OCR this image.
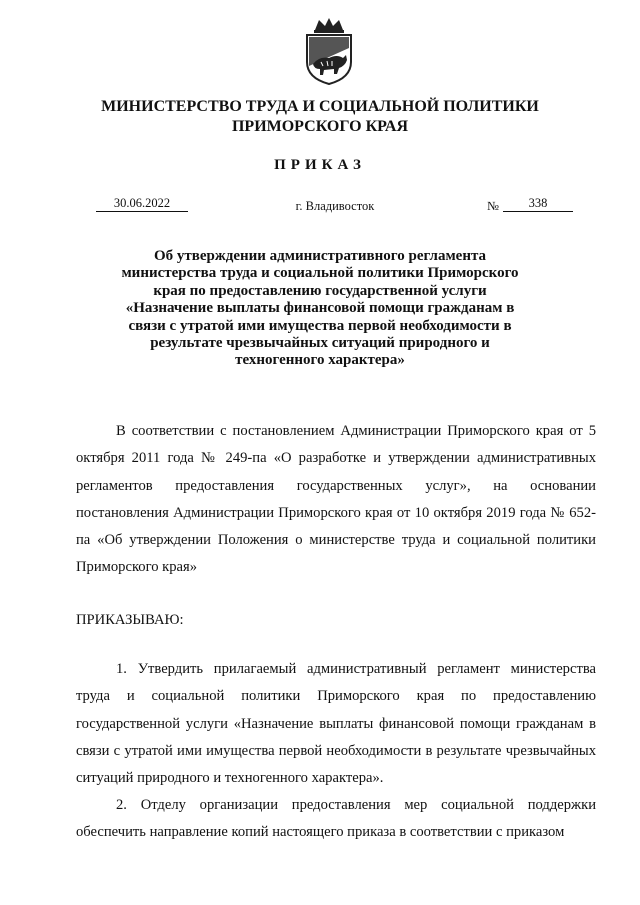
МИНИСТЕРСТВО ТРУДА И СОЦИАЛЬНОЙ ПОЛИТИКИ ПРИМОРСКОГО КРАЯ
ПРИКАЗ
30.06.2022	г. Владивосток	№	338
Об утверждении административного регламента министерства труда и социальной политики Приморского края по предоставлению государственной услуги «Назначение выплаты финансовой помощи гражданам в связи с утратой ими имущества первой необходимости в результате чрезвычайных ситуаций природного и техногенного характера»
В соответствии с постановлением Администрации Приморского края от 5 октября 2011 года № 249-па «О разработке и утверждении административных регламентов предоставления государственных услуг», на основании постановления Администрации Приморского края от 10 октября 2019 года № 652-па «Об утверждении Положения о министерстве труда и социальной политики Приморского края»
ПРИКАЗЫВАЮ:
1. Утвердить прилагаемый административный регламент министерства труда и социальной политики Приморского края по предоставлению государственной услуги «Назначение выплаты финансовой помощи гражданам в связи с утратой ими имущества первой необходимости в результате чрезвычайных ситуаций природного и техногенного характера».
2. Отделу организации предоставления мер социальной поддержки обеспечить направление копий настоящего приказа в соответствии с приказом
